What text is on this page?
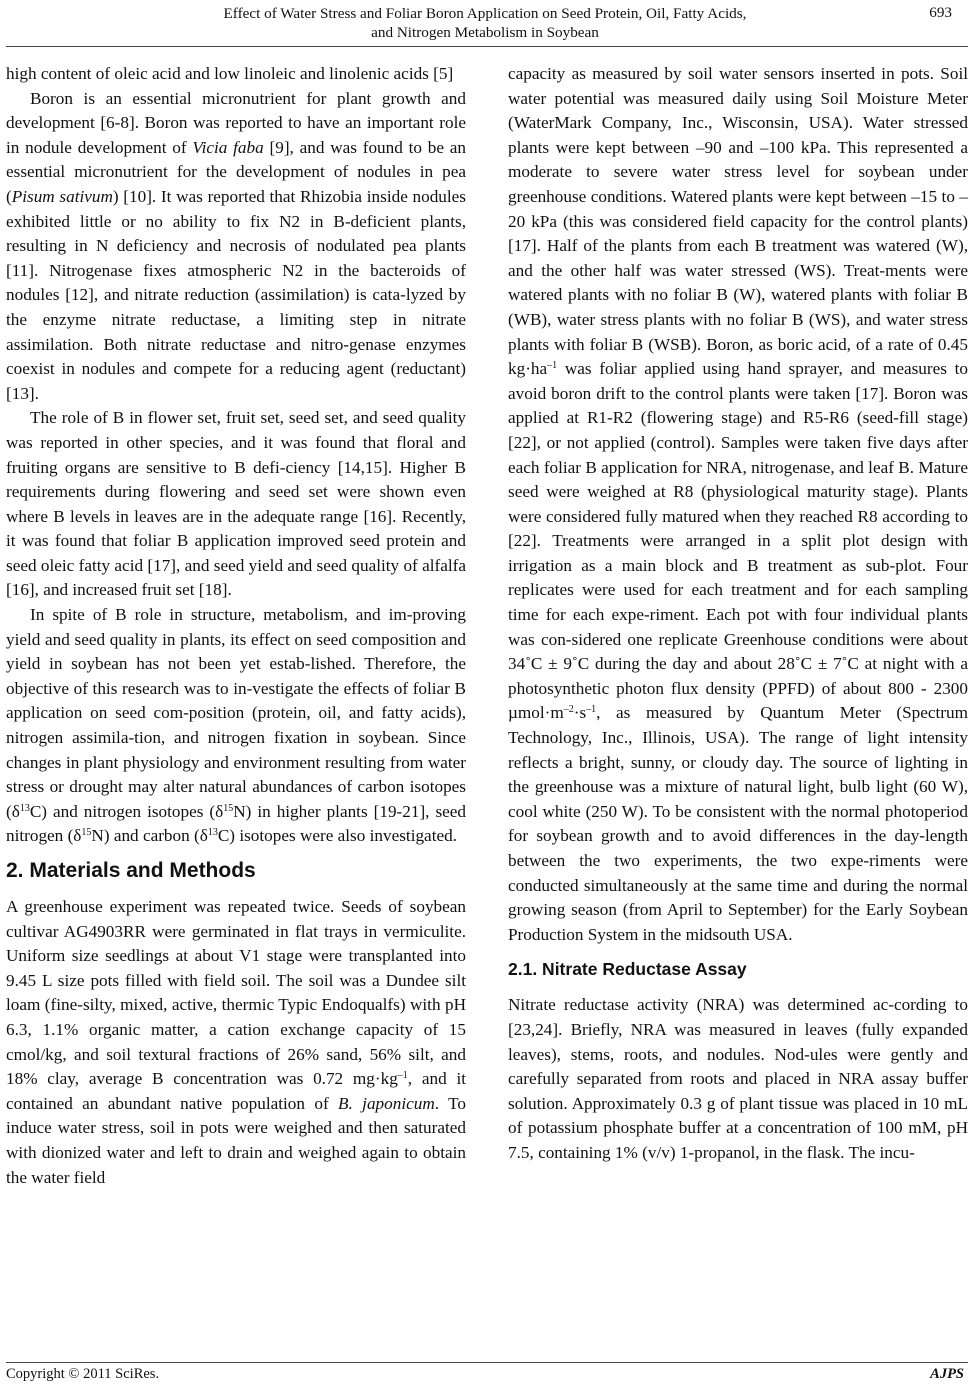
Effect of Water Stress and Foliar Boron Application on Seed Protein, Oil, Fatty Acids,
and Nitrogen Metabolism in Soybean
693

high content of oleic acid and low linoleic and linolenic acids [5]

Boron is an essential micronutrient for plant growth and development [6-8]. Boron was reported to have an important role in nodule development of Vicia faba [9], and was found to be an essential micronutrient for the development of nodules in pea (Pisum sativum) [10]. It was reported that Rhizobia inside nodules exhibited little or no ability to fix N2 in B-deficient plants, resulting in N deficiency and necrosis of nodulated pea plants [11]. Nitrogenase fixes atmospheric N2 in the bacteroids of nodules [12], and nitrate reduction (assimilation) is cata-lyzed by the enzyme nitrate reductase, a limiting step in nitrate assimilation. Both nitrate reductase and nitro-genase enzymes coexist in nodules and compete for a reducing agent (reductant) [13].

The role of B in flower set, fruit set, seed set, and seed quality was reported in other species, and it was found that floral and fruiting organs are sensitive to B defi-ciency [14,15]. Higher B requirements during flowering and seed set were shown even where B levels in leaves are in the adequate range [16]. Recently, it was found that foliar B application improved seed protein and seed oleic fatty acid [17], and seed yield and seed quality of alfalfa [16], and increased fruit set [18].

In spite of B role in structure, metabolism, and im-proving yield and seed quality in plants, its effect on seed composition and yield in soybean has not been yet estab-lished. Therefore, the objective of this research was to in-vestigate the effects of foliar B application on seed com-position (protein, oil, and fatty acids), nitrogen assimila-tion, and nitrogen fixation in soybean. Since changes in plant physiology and environment resulting from water stress or drought may alter natural abundances of carbon isotopes $(\delta^{13}C)$ and nitrogen isotopes $(\delta^{15}N)$ in higher plants [19-21], seed nitrogen $(\delta^{15}N)$ and carbon $(\delta^{13}C)$ isotopes were also investigated.

2. Materials and Methods

A greenhouse experiment was repeated twice. Seeds of soybean cultivar AG4903RR were germinated in flat trays in vermiculite. Uniform size seedlings at about V1 stage were transplanted into 9.45 L size pots filled with field soil. The soil was a Dundee silt loam (fine-silty, mixed, active, thermic Typic Endoqualfs) with pH 6.3, 1.1% organic matter, a cation exchange capacity of 15 cmol/kg, and soil textural fractions of 26% sand, 56% silt, and 18% clay, average B concentration was 0.72 $mg\cdot kg^{-1}$, and it contained an abundant native population of B. japonicum. To induce water stress, soil in pots were weighed and then saturated with dionized water and left to drain and weighed again to obtain the water field

capacity as measured by soil water sensors inserted in pots. Soil water potential was measured daily using Soil Moisture Meter (WaterMark Company, Inc., Wisconsin, USA). Water stressed plants were kept between –90 and –100 kPa. This represented a moderate to severe water stress level for soybean under greenhouse conditions. Watered plants were kept between –15 to –20 kPa (this was considered field capacity for the control plants) [17]. Half of the plants from each B treatment was watered (W), and the other half was water stressed (WS). Treat-ments were watered plants with no foliar B (W), watered plants with foliar B (WB), water stress plants with no foliar B (WS), and water stress plants with foliar B (WSB). Boron, as boric acid, of a rate of 0.45 $kg\cdot ha^{-1}$ was foliar applied using hand sprayer, and measures to avoid boron drift to the control plants were taken [17]. Boron was applied at R1-R2 (flowering stage) and R5-R6 (seed-fill stage) [22], or not applied (control). Samples were taken five days after each foliar B application for NRA, nitrogenase, and leaf B. Mature seed were weighed at R8 (physiological maturity stage). Plants were considered fully matured when they reached R8 according to [22]. Treatments were arranged in a split plot design with irrigation as a main block and B treatment as sub-plot. Four replicates were used for each treatment and for each sampling time for each expe-riment. Each pot with four individual plants was con-sidered one replicate Greenhouse conditions were about 34˚C ± 9˚C during the day and about 28˚C ± 7˚C at night with a photosynthetic photon flux density (PPFD) of about 800 - 2300 $\mu mol\cdot m^{-2}\cdot s^{-1}$, as measured by Quantum Meter (Spectrum Technology, Inc., Illinois, USA). The range of light intensity reflects a bright, sunny, or cloudy day. The source of lighting in the greenhouse was a mixture of natural light, bulb light (60 W), cool white (250 W). To be consistent with the normal photoperiod for soybean growth and to avoid differences in the day-length between the two experiments, the two expe-riments were conducted simultaneously at the same time and during the normal growing season (from April to September) for the Early Soybean Production System in the midsouth USA.

2.1. Nitrate Reductase Assay

Nitrate reductase activity (NRA) was determined ac-cording to [23,24]. Briefly, NRA was measured in leaves (fully expanded leaves), stems, roots, and nodules. Nod-ules were gently and carefully separated from roots and placed in NRA assay buffer solution. Approximately 0.3 g of plant tissue was placed in 10 mL of potassium phosphate buffer at a concentration of 100 mM, pH 7.5, containing 1% (v/v) 1-propanol, in the flask. The incu-

Copyright © 2011 SciRes.	AJPS
